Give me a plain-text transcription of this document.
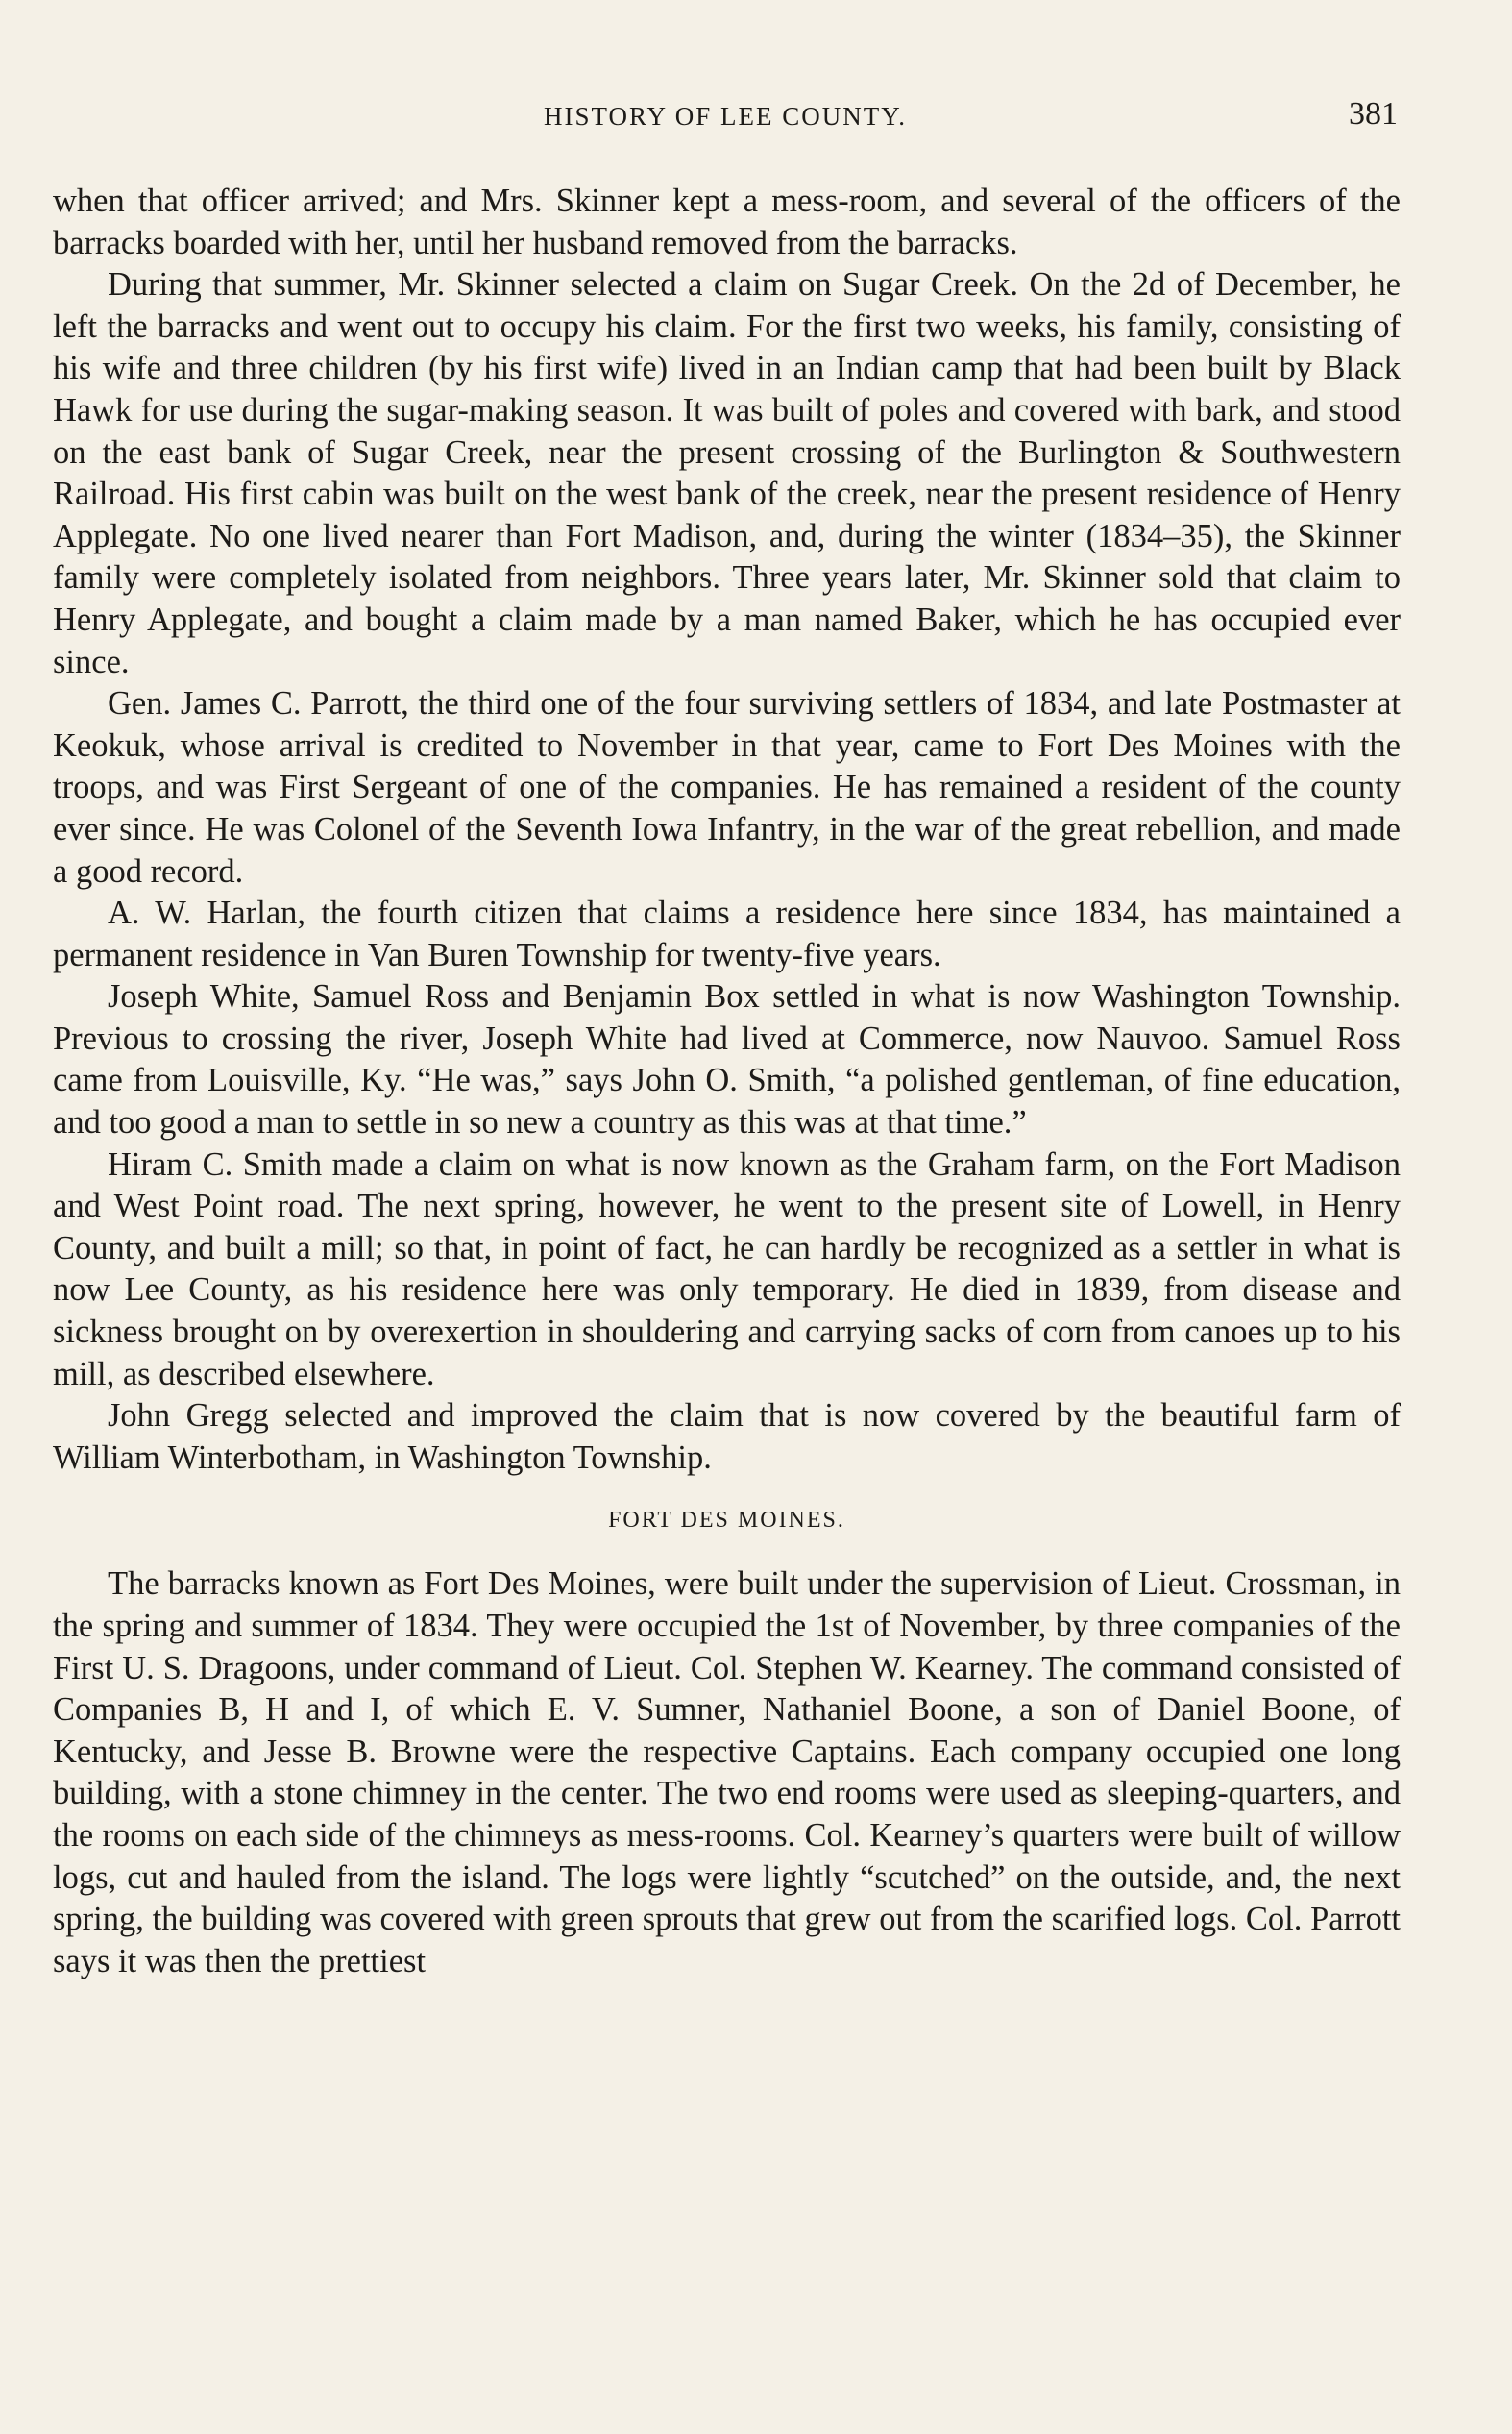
HISTORY OF LEE COUNTY.	381

when that officer arrived; and Mrs. Skinner kept a mess-room, and several of the officers of the barracks boarded with her, until her husband removed from the barracks.

During that summer, Mr. Skinner selected a claim on Sugar Creek. On the 2d of December, he left the barracks and went out to occupy his claim. For the first two weeks, his family, consisting of his wife and three children (by his first wife) lived in an Indian camp that had been built by Black Hawk for use during the sugar-making season. It was built of poles and covered with bark, and stood on the east bank of Sugar Creek, near the present crossing of the Burlington & Southwestern Railroad. His first cabin was built on the west bank of the creek, near the present residence of Henry Applegate. No one lived nearer than Fort Madison, and, during the winter (1834–35), the Skinner family were completely isolated from neighbors. Three years later, Mr. Skinner sold that claim to Henry Applegate, and bought a claim made by a man named Baker, which he has occupied ever since.

Gen. James C. Parrott, the third one of the four surviving settlers of 1834, and late Postmaster at Keokuk, whose arrival is credited to November in that year, came to Fort Des Moines with the troops, and was First Sergeant of one of the companies. He has remained a resident of the county ever since. He was Colonel of the Seventh Iowa Infantry, in the war of the great rebellion, and made a good record.

A. W. Harlan, the fourth citizen that claims a residence here since 1834, has maintained a permanent residence in Van Buren Township for twenty-five years.

Joseph White, Samuel Ross and Benjamin Box settled in what is now Washington Township. Previous to crossing the river, Joseph White had lived at Commerce, now Nauvoo. Samuel Ross came from Louisville, Ky. “He was,” says John O. Smith, “a polished gentleman, of fine education, and too good a man to settle in so new a country as this was at that time.”

Hiram C. Smith made a claim on what is now known as the Graham farm, on the Fort Madison and West Point road. The next spring, however, he went to the present site of Lowell, in Henry County, and built a mill; so that, in point of fact, he can hardly be recognized as a settler in what is now Lee County, as his residence here was only temporary. He died in 1839, from disease and sickness brought on by overexertion in shouldering and carrying sacks of corn from canoes up to his mill, as described elsewhere.

John Gregg selected and improved the claim that is now covered by the beautiful farm of William Winterbotham, in Washington Township.

FORT DES MOINES.

The barracks known as Fort Des Moines, were built under the supervision of Lieut. Crossman, in the spring and summer of 1834. They were occupied the 1st of November, by three companies of the First U. S. Dragoons, under command of Lieut. Col. Stephen W. Kearney. The command consisted of Companies B, H and I, of which E. V. Sumner, Nathaniel Boone, a son of Daniel Boone, of Kentucky, and Jesse B. Browne were the respective Captains. Each company occupied one long building, with a stone chimney in the center. The two end rooms were used as sleeping-quarters, and the rooms on each side of the chimneys as mess-rooms. Col. Kearney’s quarters were built of willow logs, cut and hauled from the island. The logs were lightly “scutched” on the outside, and, the next spring, the building was covered with green sprouts that grew out from the scarified logs. Col. Parrott says it was then the prettiest
